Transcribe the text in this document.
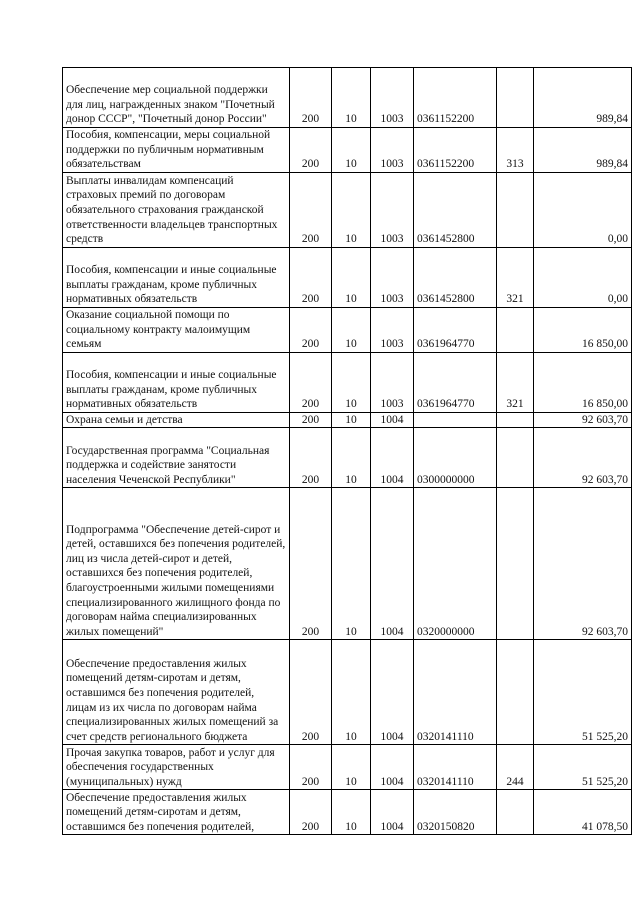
Обеспечение мер социальной поддержки для лиц, награжденных знаком "Почетный донор СССР", "Почетный донор России"	200	10	1003	0361152200		989,84
Пособия, компенсации, меры социальной поддержки по публичным нормативным обязательствам	200	10	1003	0361152200	313	989,84
Выплаты инвалидам компенсаций страховых премий по договорам обязательного страхования гражданской ответственности владельцев транспортных средств	200	10	1003	0361452800		0,00
Пособия, компенсации и иные социальные выплаты гражданам, кроме публичных нормативных обязательств	200	10	1003	0361452800	321	0,00
Оказание социальной помощи по социальному контракту малоимущим семьям	200	10	1003	0361964770		16 850,00
Пособия, компенсации и иные социальные выплаты гражданам, кроме публичных нормативных обязательств	200	10	1003	0361964770	321	16 850,00
Охрана семьи и детства	200	10	1004			92 603,70
Государственная программа "Социальная поддержка и содействие занятости населения Чеченской Республики"	200	10	1004	0300000000		92 603,70
Подпрограмма "Обеспечение детей-сирот и детей, оставшихся без попечения родителей, лиц из числа детей-сирот и детей, оставшихся без попечения родителей, благоустроенными жилыми помещениями специализированного жилищного фонда по договорам найма специализированных жилых помещений"	200	10	1004	0320000000		92 603,70
Обеспечение предоставления жилых помещений детям-сиротам и детям, оставшимся без попечения родителей, лицам из их числа по договорам найма специализированных жилых помещений за счет средств регионального бюджета	200	10	1004	0320141110		51 525,20
Прочая закупка товаров, работ и услуг для обеспечения государственных (муниципальных) нужд	200	10	1004	0320141110	244	51 525,20
Обеспечение предоставления жилых помещений детям-сиротам и детям, оставшимся без попечения родителей,	200	10	1004	0320150820		41 078,50
